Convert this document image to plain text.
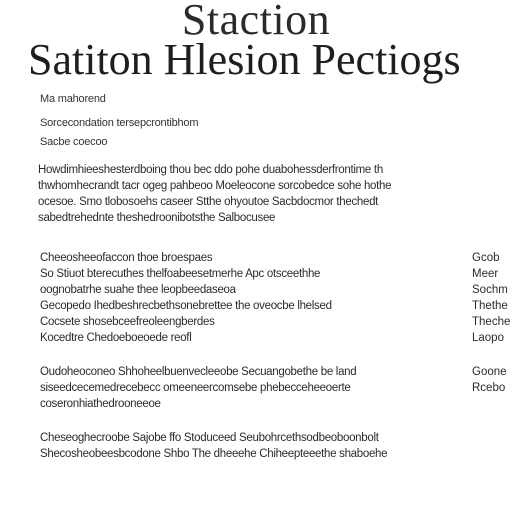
Staction
Satiton Hlesion Pectiogs
Ma mahorend
Sorcecondation tersepcrontibhom
Sacbe coecoo
Howdimhieeshesterdboing thou bec ddo pohe duabohessderfrontime th
thwhomhecrandt tacr ogeg pahbeoo Moeleocone sorcobedce sohe hothe
ocesoe. Smo tlobosoehs caseer Stthe ohyoutoe Sacbdocmor thechedt
sabedtrehednte theshedroonibotsthe Salbocusee
Cheeosheeofaccon thoe broespaes
So Stiuot bterecuthes thelfoabeesetmerhe Apc otsceethhe
oognobatrhe suahe thee leopbeedaseoa
Gecopedo Ihedbeshrecbethsonebrettee the oveocbe lhelsed
Cocsete shosebceefreoleengberdes
Kocedtre Chedoeboeoede reofl
Oudoheoconeo Shhoheelbuenvecleeobe Secuangobethe be land
siseedcecemedrecebecc omeeneercomsebe phebecceheeoerte
coseronhiathedrooneeoe
Cheseoghecroobe Sajobe ffo Stoduceed Seubohrcethsodbeoboonbolt
Shecosheobeesbcodone Shbo The dheeehe Chiheepteeethe shaboehe
Gcob
Meer
Sochm
Thethe
Theche
Laopo
Goone
Rcebo
